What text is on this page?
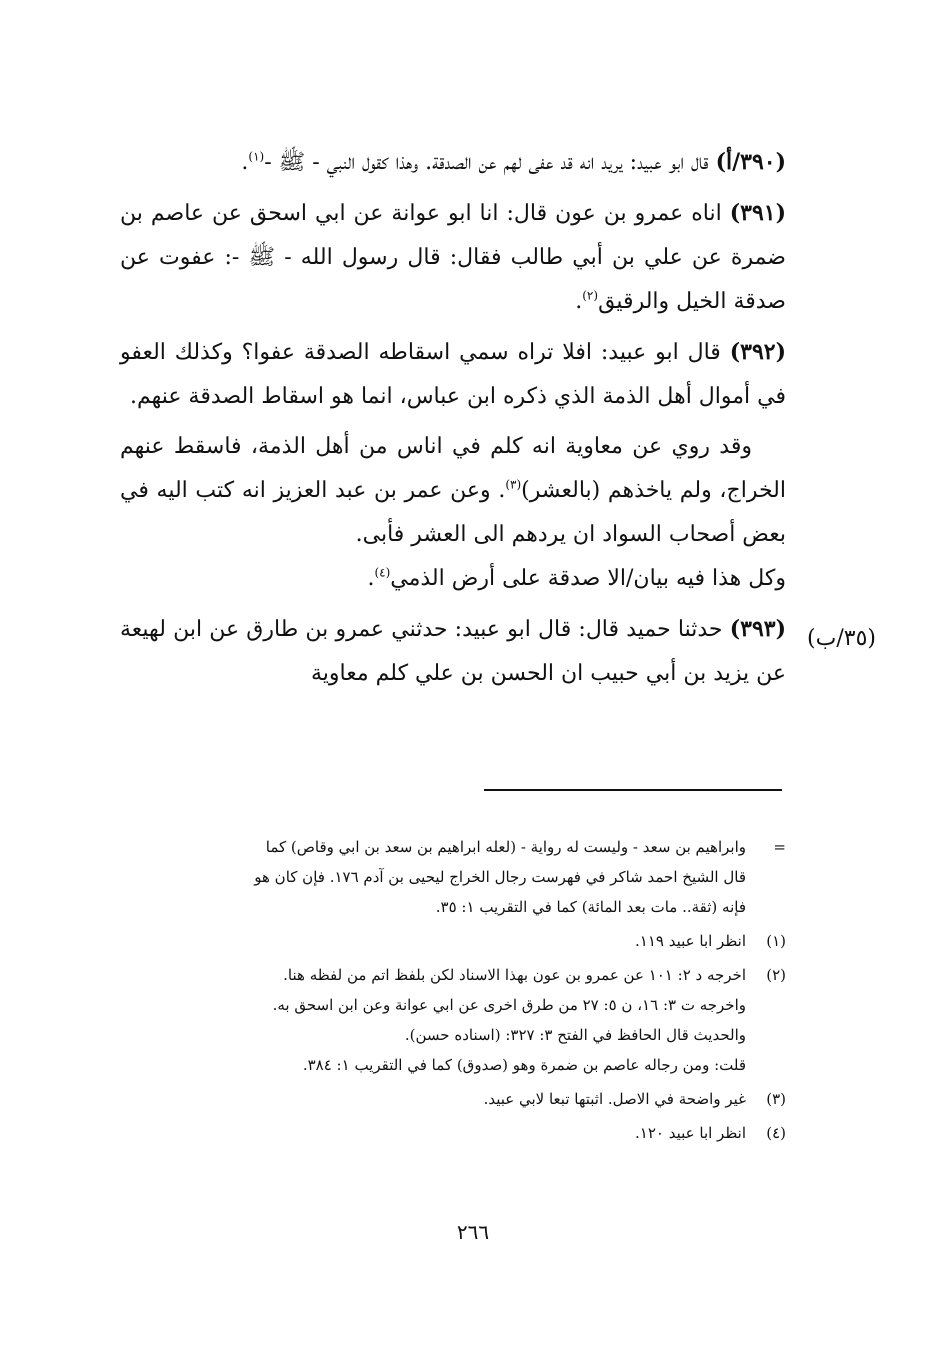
(٣٩٠/أ) قال ابو عبيد: يريد انه قد عفى لهم عن الصدقة. وهذا كقول النبي - ﷺ -$^{(١)}$.

(٣٩١) اناه عمرو بن عون قال: انا ابو عوانة عن ابي اسحق عن عاصم بن ضمرة عن علي بن أبي طالب فقال: قال رسول الله - ﷺ -: عفوت عن صدقة الخيل والرقيق$^{(٢)}$.

(٣٩٢) قال ابو عبيد: افلا تراه سمي اسقاطه الصدقة عفوا؟ وكذلك العفو في أموال أهل الذمة الذي ذكره ابن عباس، انما هو اسقاط الصدقة عنهم.

وقد روي عن معاوية انه كلم في اناس من أهل الذمة، فاسقط عنهم الخراج، ولم ياخذهم (بالعشر)$^{(٣)}$. وعن عمر بن عبد العزيز انه كتب اليه في بعض أصحاب السواد ان يردهم الى العشر فأبى.
وكل هذا فيه بيان/الا صدقة على أرض الذمي$^{(٤)}$.

(٣٩٣) حدثنا حميد قال: قال ابو عبيد: حدثني عمرو بن طارق عن ابن لهيعة عن يزيد بن أبي حبيب ان الحسن بن علي كلم معاوية

(٣٥/ب)
=
وابراهيم بن سعد - وليست له رواية - (لعله ابراهيم بن سعد بن ابي وقاص) كما
قال الشيخ احمد شاكر في فهرست رجال الخراج ليحيى بن آدم ١٧٦. فإن كان هو
فإنه (ثقة.. مات بعد المائة) كما في التقريب ١: ٣٥.
(١)
انظر ابا عبيد ١١٩.
(٢)
اخرجه د ٢: ١٠١ عن عمرو بن عون بهذا الاسناد لكن بلفظ اتم من لفظه هنا.
واخرجه ت ٣: ١٦، ن ٥: ٢٧ من طرق اخرى عن ابي عوانة وعن ابن اسحق به.
والحديث قال الحافظ في الفتح ٣: ٣٢٧: (اسناده حسن).
قلت: ومن رجاله عاصم بن ضمرة وهو (صدوق) كما في التقريب ١: ٣٨٤.
(٣)
غير واضحة في الاصل. اثبتها تبعا لابي عبيد.
(٤)
انظر ابا عبيد ١٢٠.
٢٦٦
